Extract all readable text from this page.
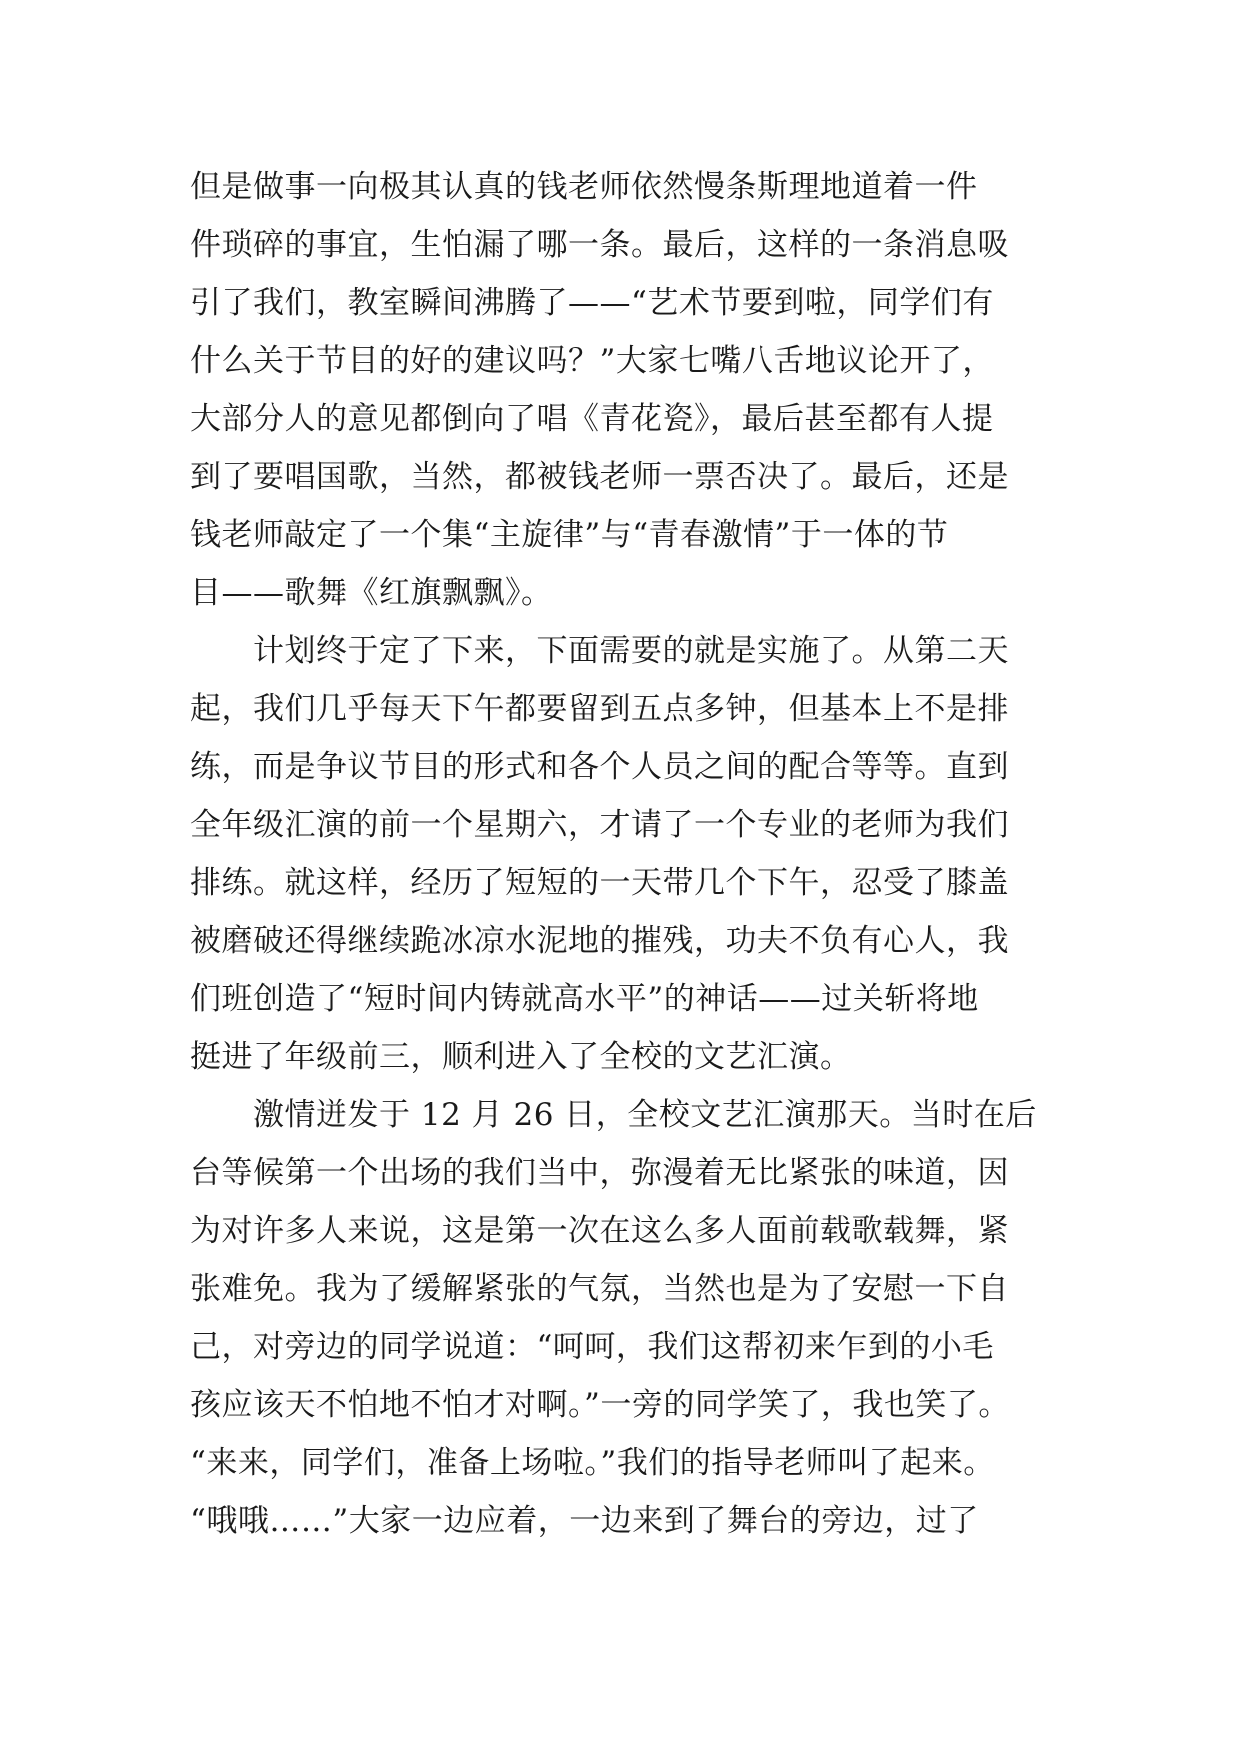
但是做事一向极其认真的钱老师依然慢条斯理地道着一件
件琐碎的事宜，生怕漏了哪一条。最后，这样的一条消息吸
引了我们，教室瞬间沸腾了——“艺术节要到啦，同学们有
什么关于节目的好的建议吗？”大家七嘴八舌地议论开了，
大部分人的意见都倒向了唱《青花瓷》，最后甚至都有人提
到了要唱国歌，当然，都被钱老师一票否决了。最后，还是
钱老师敲定了一个集“主旋律”与“青春激情”于一体的节
目——歌舞《红旗飘飘》。
　　计划终于定了下来，下面需要的就是实施了。从第二天
起，我们几乎每天下午都要留到五点多钟，但基本上不是排
练，而是争议节目的形式和各个人员之间的配合等等。直到
全年级汇演的前一个星期六，才请了一个专业的老师为我们
排练。就这样，经历了短短的一天带几个下午，忍受了膝盖
被磨破还得继续跪冰凉水泥地的摧残，功夫不负有心人，我
们班创造了“短时间内铸就高水平”的神话——过关斩将地
挺进了年级前三，顺利进入了全校的文艺汇演。
　　激情迸发于 12 月 26 日，全校文艺汇演那天。当时在后
台等候第一个出场的我们当中，弥漫着无比紧张的味道，因
为对许多人来说，这是第一次在这么多人面前载歌载舞，紧
张难免。我为了缓解紧张的气氛，当然也是为了安慰一下自
己，对旁边的同学说道：“呵呵，我们这帮初来乍到的小毛
孩应该天不怕地不怕才对啊。”一旁的同学笑了，我也笑了。
“来来，同学们，准备上场啦。”我们的指导老师叫了起来。
“哦哦……”大家一边应着，一边来到了舞台的旁边，过了
